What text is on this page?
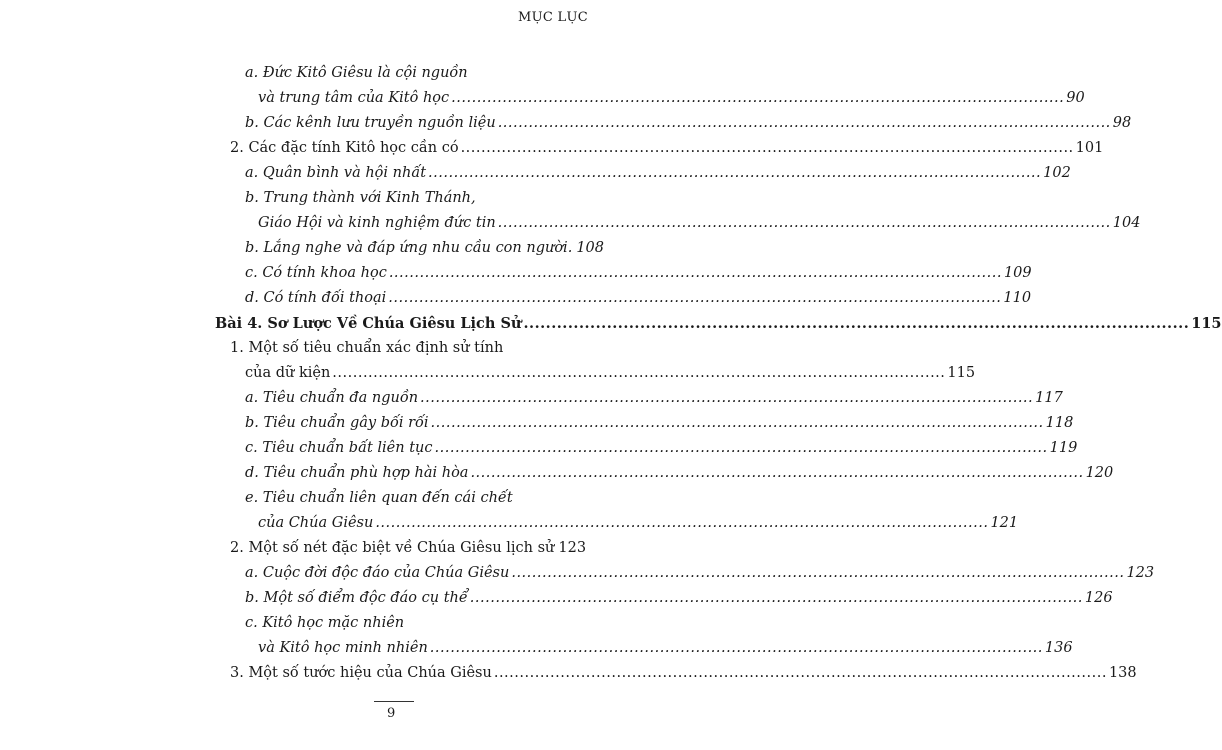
MỤC LỤC
a. Đức Kitô Giêsu là cội nguồn
và trung tâm của Kitô học .....	90
b. Các kênh lưu truyền nguồn liệu .....	98
2. Các đặc tính Kitô học cần có .....	101
a. Quân bình và hội nhất .....	102
b. Trung thành với Kinh Thánh,
Giáo Hội và kinh nghiệm đức tin .....	104
b. Lắng nghe và đáp ứng nhu cầu con người. 108
c. Có tính khoa học .....	109
d. Có tính đối thoại .....	110
Bài 4. Sơ Lược Về Chúa Giêsu Lịch Sử .....	115
1. Một số tiêu chuẩn xác định sử tính
của dữ kiện .....	115
a. Tiêu chuẩn đa nguồn .....	117
b. Tiêu chuẩn gây bối rối .....	118
c. Tiêu chuẩn bất liên tục .....	119
d. Tiêu chuẩn phù hợp hài hòa .....	120
e. Tiêu chuẩn liên quan đến cái chết
của Chúa Giêsu .....	121
2. Một số nét đặc biệt về Chúa Giêsu lịch sử 123
a. Cuộc đời độc đáo của Chúa Giêsu .....	123
b. Một số điểm độc đáo cụ thể .....	126
c. Kitô học mặc nhiên
và Kitô học minh nhiên .....	136
3. Một số tước hiệu của Chúa Giêsu .....	138
9
